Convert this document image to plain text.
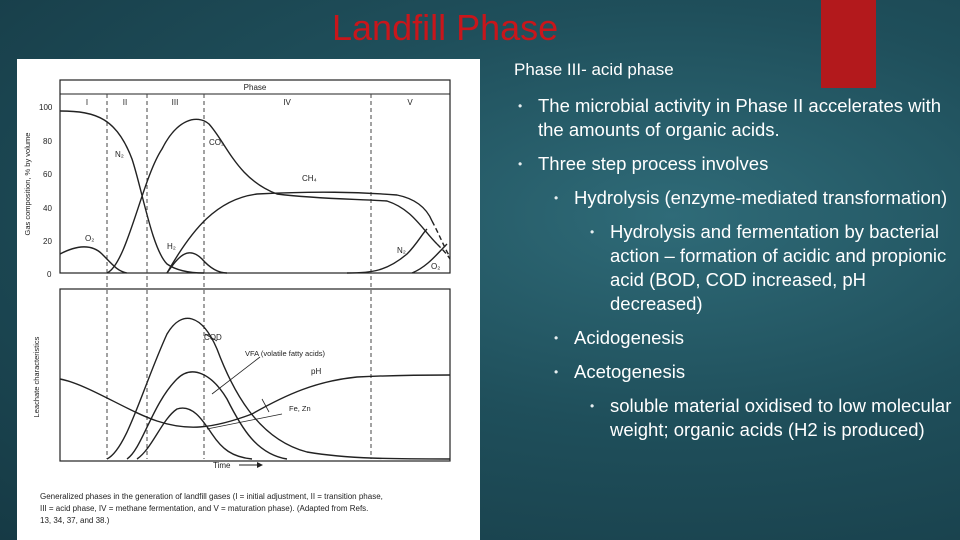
Landfill Phase
Phase
I	II	III	IV	V
100
80
60
40
20
0
Gas composition, % by volume	N₂
CO₂
CH₄
O₂
H₂	N₂
O₂
Leachate characteristics	COD
VFA (volatile fatty acids)
pH
Fe, Zn
Time
Generalized phases in the generation of landfill gases (I = initial adjustment, II = transition phase,
III = acid phase, IV = methane fermentation, and V = maturation phase). (Adapted from Refs.
13, 34, 37, and 38.)
Phase III- acid phase
• The microbial activity in Phase II accelerates with the amounts of organic acids.
• Three step process involves
• Hydrolysis (enzyme-mediated transformation)
• Hydrolysis and fermentation by bacterial action – formation of acidic and propionic acid (BOD, COD increased, pH decreased)
• Acidogenesis
• Acetogenesis
• soluble material oxidised to low molecular weight; organic acids (H2 is produced)
